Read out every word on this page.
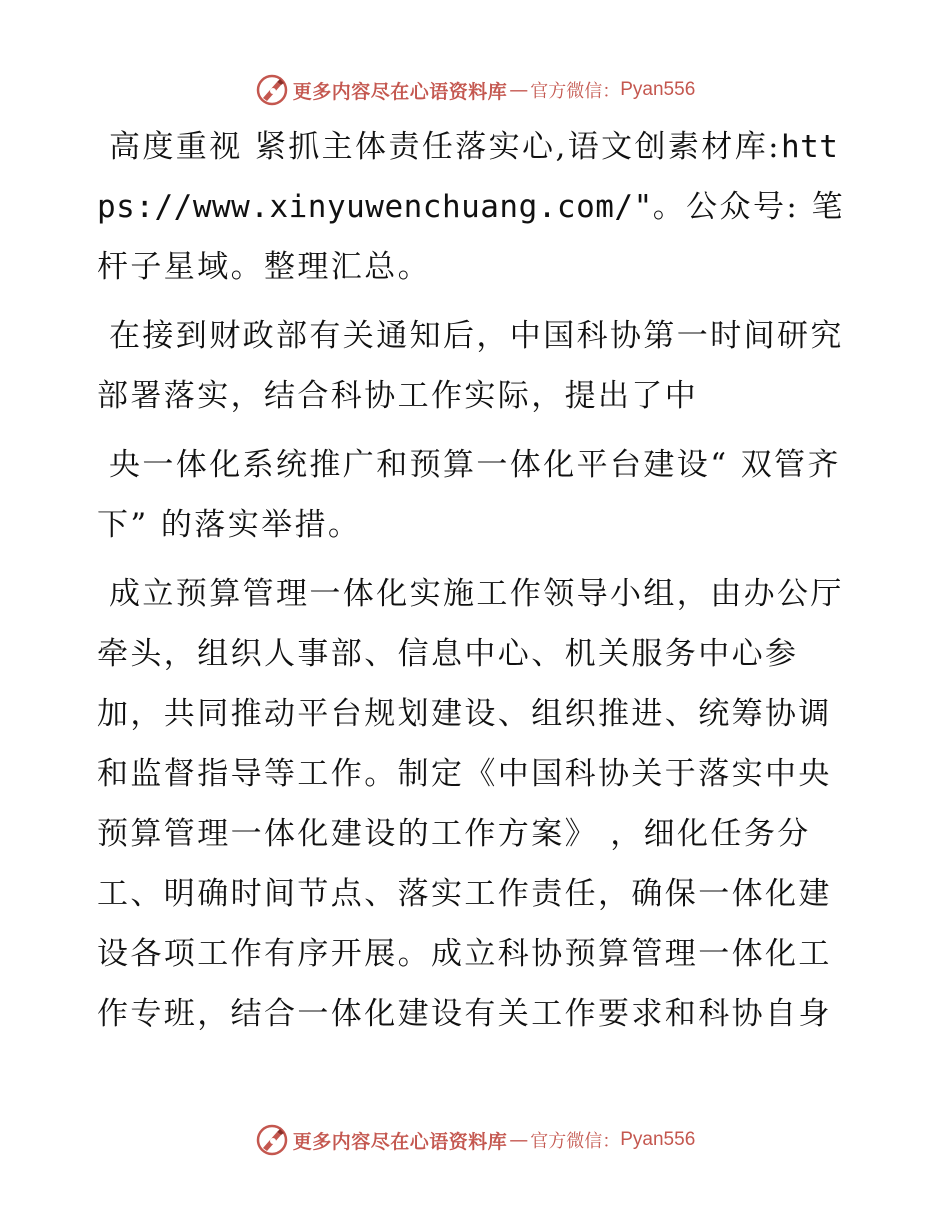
更多内容尽在心语资料库 — 官方微信： Pyan556

高度重视 紧抓主体责任落实心,语文创素材库:https://www.xinyuwenchuang.com/"。公众号: 笔杆子星域。整理汇总。

在接到财政部有关通知后，中国科协第一时间研究部署落实，结合科协工作实际，提出了中

央一体化系统推广和预算一体化平台建设“ 双管齐下” 的落实举措。

成立预算管理一体化实施工作领导小组，由办公厅牵头，组织人事部、信息中心、机关服务中心参加，共同推动平台规划建设、组织推进、统筹协调和监督指导等工作。制定《中国科协关于落实中央预算管理一体化建设的工作方案》 ，细化任务分工、明确时间节点、落实工作责任，确保一体化建设各项工作有序开展。成立科协预算管理一体化工作专班，结合一体化建设有关工作要求和科协自身

更多内容尽在心语资料库 — 官方微信： Pyan556
